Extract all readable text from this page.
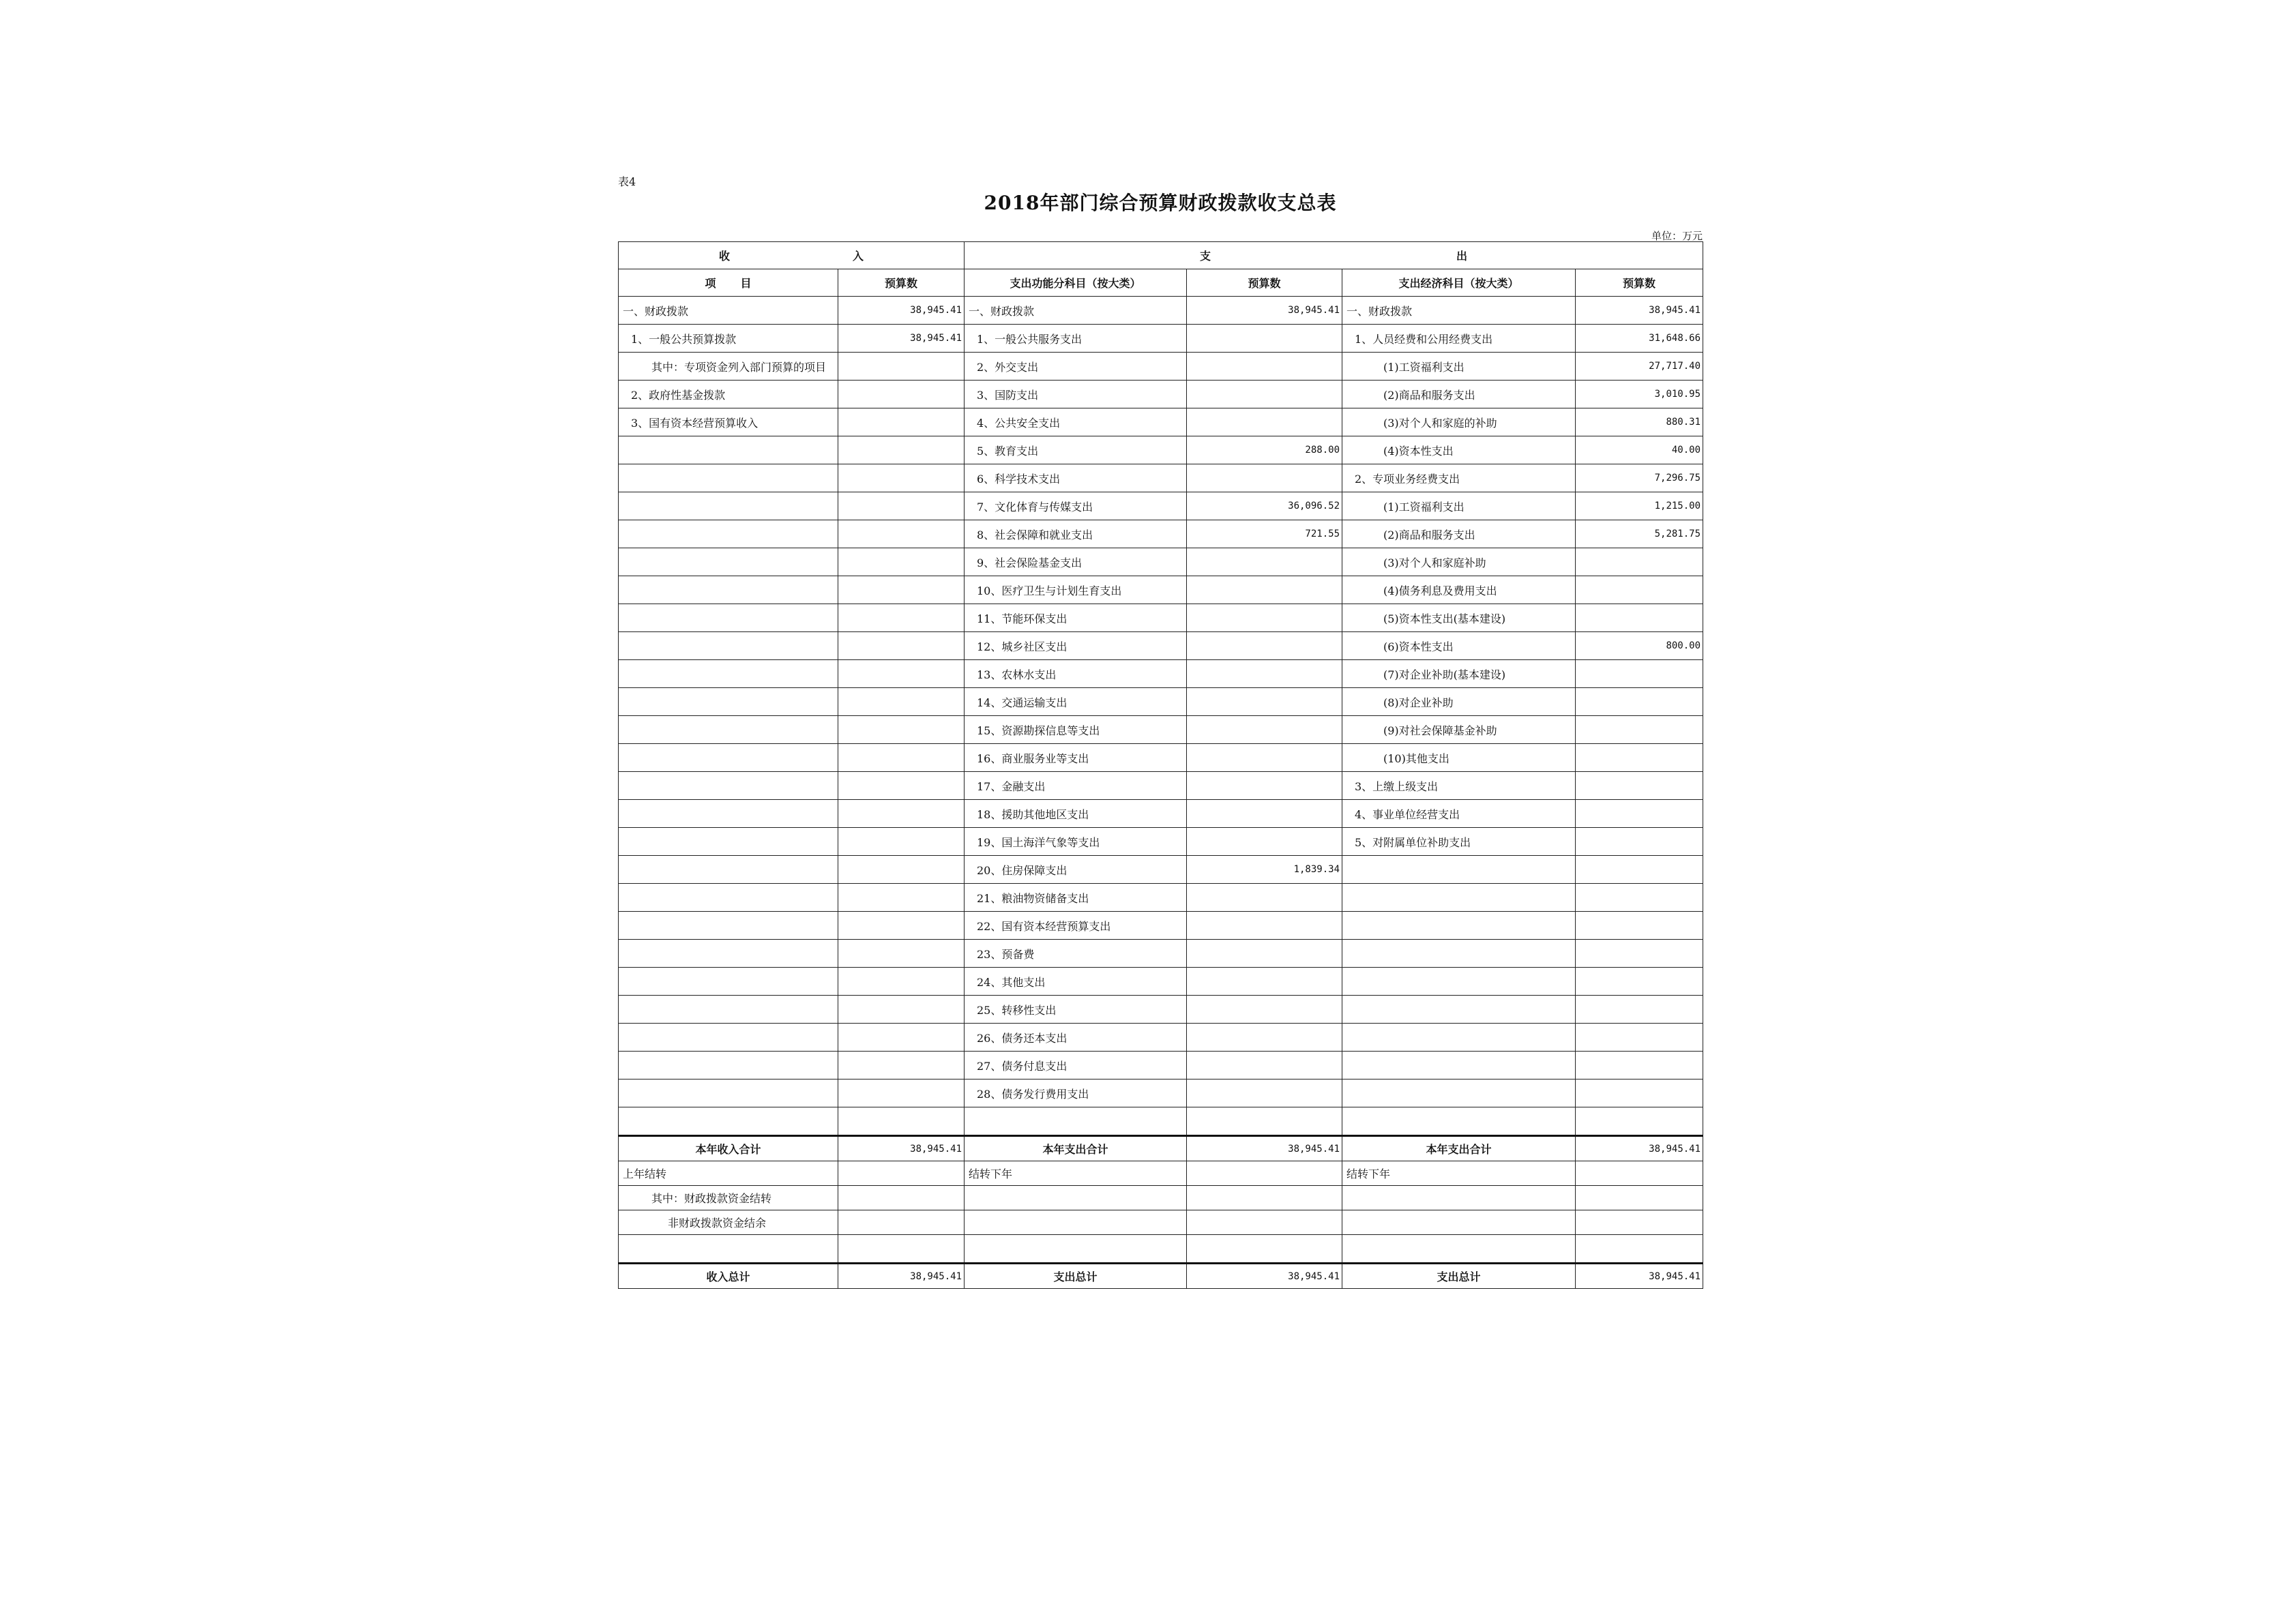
表4
2018年部门综合预算财政拨款收支总表
单位：万元
收 入		支 出			
项 目	预算数	支出功能分科目（按大类）	预算数	支出经济科目（按大类）	预算数
一、财政拨款	38,945.41	一、财政拨款	38,945.41	一、财政拨款	38,945.41
1、一般公共预算拨款	38,945.41	1、一般公共服务支出		1、人员经费和公用经费支出	31,648.66
其中：专项资金列入部门预算的项目		2、外交支出		(1)工资福利支出	27,717.40
2、政府性基金拨款		3、国防支出		(2)商品和服务支出	3,010.95
3、国有资本经营预算收入		4、公共安全支出		(3)对个人和家庭的补助	880.31
		5、教育支出	288.00	(4)资本性支出	40.00
		6、科学技术支出		2、专项业务经费支出	7,296.75
		7、文化体育与传媒支出	36,096.52	(1)工资福利支出	1,215.00
		8、社会保障和就业支出	721.55	(2)商品和服务支出	5,281.75
		9、社会保险基金支出		(3)对个人和家庭补助	
		10、医疗卫生与计划生育支出		(4)债务利息及费用支出	
		11、节能环保支出		(5)资本性支出(基本建设)	
		12、城乡社区支出		(6)资本性支出	800.00
		13、农林水支出		(7)对企业补助(基本建设)	
		14、交通运输支出		(8)对企业补助	
		15、资源勘探信息等支出		(9)对社会保障基金补助	
		16、商业服务业等支出		(10)其他支出	
		17、金融支出		3、上缴上级支出	
		18、援助其他地区支出		4、事业单位经营支出	
		19、国土海洋气象等支出		5、对附属单位补助支出	
		20、住房保障支出	1,839.34		
		21、粮油物资储备支出			
		22、国有资本经营预算支出			
		23、预备费			
		24、其他支出			
		25、转移性支出			
		26、债务还本支出			
		27、债务付息支出			
		28、债务发行费用支出			

本年收入合计	38,945.41	本年支出合计	38,945.41	本年支出合计	38,945.41
上年结转		结转下年		结转下年	
其中：财政拨款资金结转					
非财政拨款资金结余					

收入总计	38,945.41	支出总计	38,945.41	支出总计	38,945.41
